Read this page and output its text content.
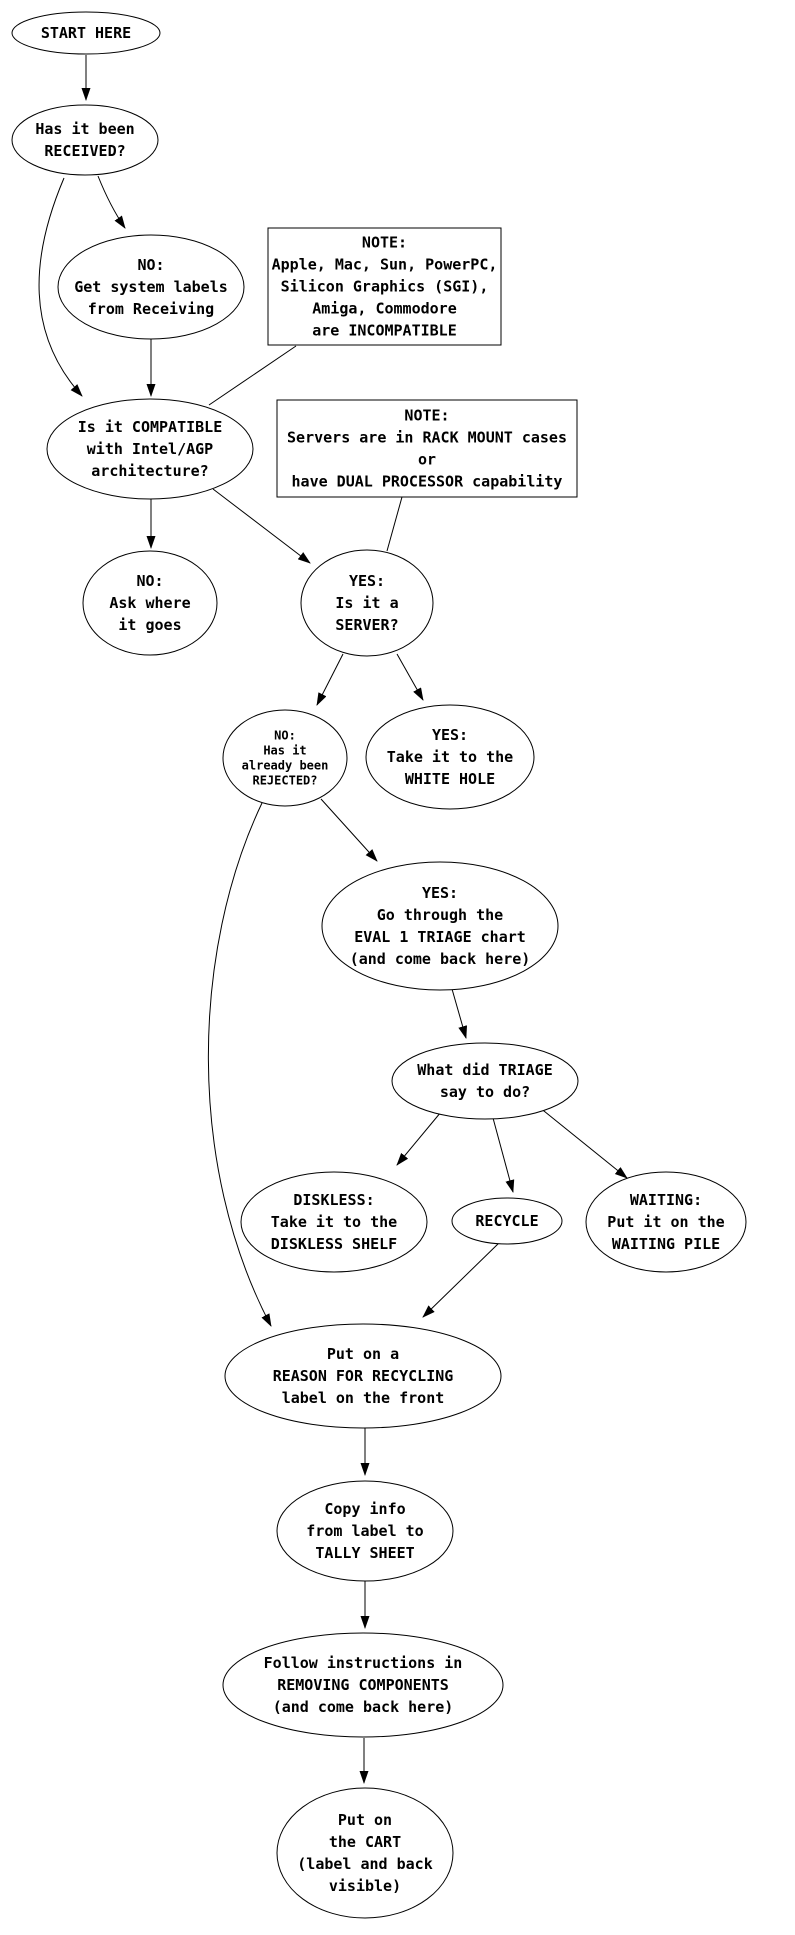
START HERE
Has it been
RECEIVED?
NO:
Get system labels
from Receiving
NOTE:
Apple, Mac, Sun, PowerPC,
Silicon Graphics (SGI),
Amiga, Commodore
are INCOMPATIBLE
Is it COMPATIBLE
with Intel/AGP
architecture?
NOTE:
Servers are in RACK MOUNT cases
or
have DUAL PROCESSOR capability
NO:
Ask where
it goes
YES:
Is it a
SERVER?
NO:
Has it
already been
REJECTED?
YES:
Take it to the
WHITE HOLE
YES:
Go through the
EVAL 1 TRIAGE chart
(and come back here)
What did TRIAGE
say to do?
DISKLESS:
Take it to the
DISKLESS SHELF
RECYCLE
WAITING:
Put it on the
WAITING PILE
Put on a
REASON FOR RECYCLING
label on the front
Copy info
from label to
TALLY SHEET
Follow instructions in
REMOVING COMPONENTS
(and come back here)
Put on
the CART
(label and back
visible)
